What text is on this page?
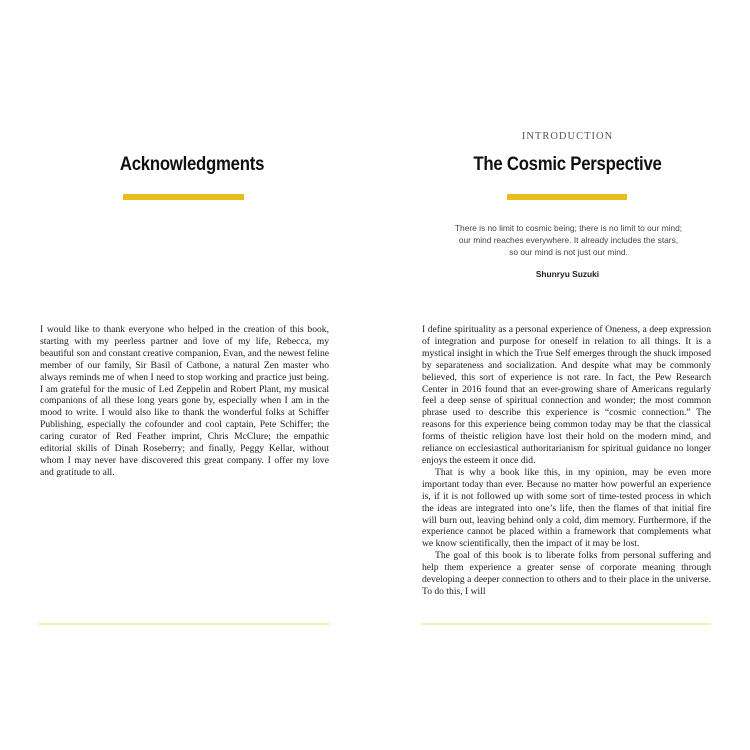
Acknowledgments

I would like to thank everyone who helped in the creation of this book, starting with my peerless partner and love of my life, Rebecca, my beautiful son and constant creative companion, Evan, and the newest feline member of our family, Sir Basil of Catbone, a natural Zen master who always reminds me of when I need to stop working and practice just being. I am grateful for the music of Led Zeppelin and Robert Plant, my musical companions of all these long years gone by, especially when I am in the mood to write. I would also like to thank the wonderful folks at Schiffer Publishing, especially the cofounder and cool captain, Pete Schiffer; the caring curator of Red Feather imprint, Chris McClure; the empathic editorial skills of Dinah Roseberry; and finally, Peggy Kellar, without whom I may never have discovered this great company. I offer my love and gratitude to all.

INTRODUCTION
The Cosmic Perspective
There is no limit to cosmic being; there is no limit to our mind;
our mind reaches everywhere. It already includes the stars,
so our mind is not just our mind.
Shunryu Suzuki

I define spirituality as a personal experience of Oneness, a deep expression of integration and purpose for oneself in relation to all things. It is a mystical insight in which the True Self emerges through the shuck imposed by separateness and socialization. And despite what may be commonly believed, this sort of experience is not rare. In fact, the Pew Research Center in 2016 found that an ever-growing share of Americans regularly feel a deep sense of spiritual connection and wonder; the most common phrase used to describe this experience is “cosmic connection.” The reasons for this experience being common today may be that the classical forms of theistic religion have lost their hold on the modern mind, and reliance on ecclesiastical authoritarianism for spiritual guidance no longer enjoys the esteem it once did.

That is why a book like this, in my opinion, may be even more important today than ever. Because no matter how powerful an experience is, if it is not followed up with some sort of time-tested process in which the ideas are integrated into one’s life, then the flames of that initial fire will burn out, leaving behind only a cold, dim memory. Furthermore, if the experience cannot be placed within a framework that complements what we know scientifically, then the impact of it may be lost.

The goal of this book is to liberate folks from personal suffering and help them experience a greater sense of corporate meaning through developing a deeper connection to others and to their place in the universe. To do this, I will
